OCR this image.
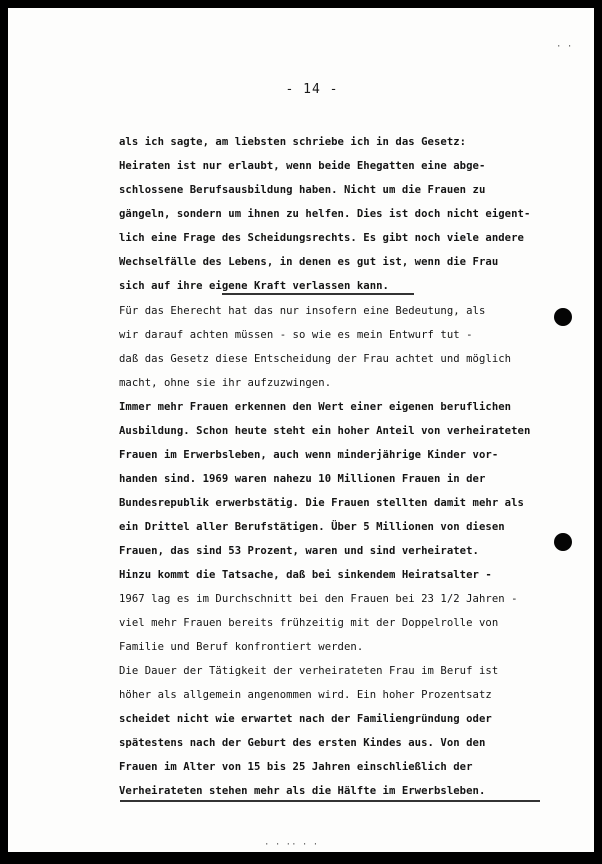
- 14 -
als ich sagte, am liebsten schriebe ich in das Gesetz:
Heiraten ist nur erlaubt, wenn beide Ehegatten eine abge-
schlossene Berufsausbildung haben. Nicht um die Frauen zu
gängeln, sondern um ihnen zu helfen. Dies ist doch nicht eigent-
lich eine Frage des Scheidungsrechts. Es gibt noch viele andere
Wechselfälle des Lebens, in denen es gut ist, wenn die Frau
sich auf ihre eigene Kraft verlassen kann.
Für das Eherecht hat das nur insofern eine Bedeutung, als
wir darauf achten müssen - so wie es mein Entwurf tut -
daß das Gesetz diese Entscheidung der Frau achtet und möglich
macht, ohne sie ihr aufzuzwingen.
Immer mehr Frauen erkennen den Wert einer eigenen beruflichen
Ausbildung. Schon heute steht ein hoher Anteil von verheirateten
Frauen im Erwerbsleben, auch wenn minderjährige Kinder vor-
handen sind. 1969 waren nahezu 10 Millionen Frauen in der
Bundesrepublik erwerbstätig. Die Frauen stellten damit mehr als
ein Drittel aller Berufstätigen. Über 5 Millionen von diesen
Frauen, das sind 53 Prozent, waren und sind verheiratet.
Hinzu kommt die Tatsache, daß bei sinkendem Heiratsalter -
1967 lag es im Durchschnitt bei den Frauen bei 23 1/2 Jahren -
viel mehr Frauen bereits frühzeitig mit der Doppelrolle von
Familie und Beruf konfrontiert werden.
Die Dauer der Tätigkeit der verheirateten Frau im Beruf ist
höher als allgemein angenommen wird. Ein hoher Prozentsatz
scheidet nicht wie erwartet nach der Familiengründung oder
spätestens nach der Geburt des ersten Kindes aus. Von den
Frauen im Alter von 15 bis 25 Jahren einschließlich der
Verheirateten stehen mehr als die Hälfte im Erwerbsleben.
· ·
· · ·· · ·
